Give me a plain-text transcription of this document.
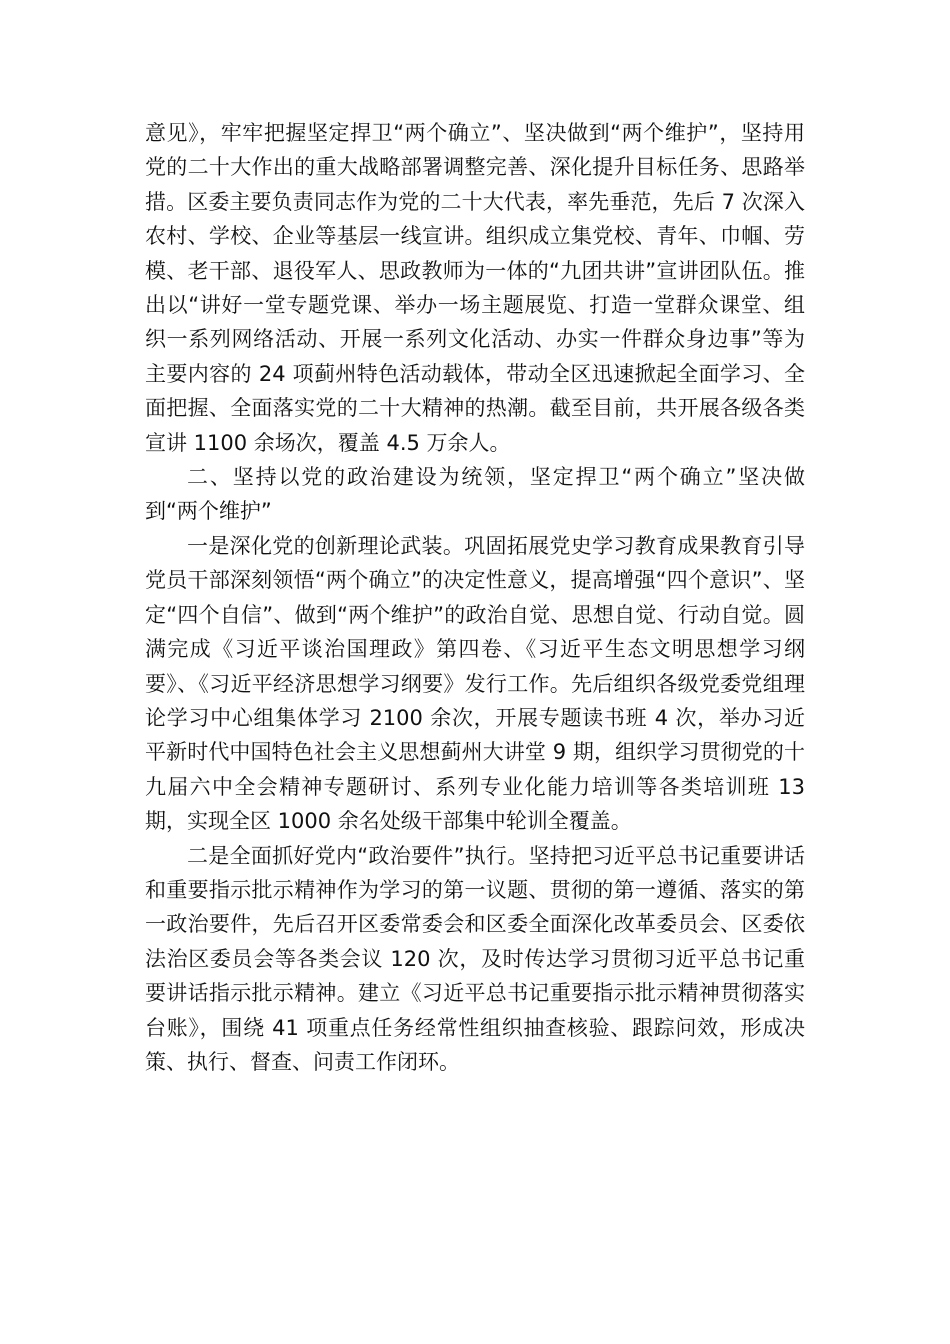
意见》，牢牢把握坚定捍卫“两个确立”、坚决做到“两个维护”，坚持用党的二十大作出的重大战略部署调整完善、深化提升目标任务、思路举措。区委主要负责同志作为党的二十大代表，率先垂范，先后 7 次深入农村、学校、企业等基层一线宣讲。组织成立集党校、青年、巾帼、劳模、老干部、退役军人、思政教师为一体的“九团共讲”宣讲团队伍。推出以“讲好一堂专题党课、举办一场主题展览、打造一堂群众课堂、组织一系列网络活动、开展一系列文化活动、办实一件群众身边事”等为主要内容的 24 项蓟州特色活动载体，带动全区迅速掀起全面学习、全面把握、全面落实党的二十大精神的热潮。截至目前，共开展各级各类宣讲 1100 余场次，覆盖 4.5 万余人。

二、坚持以党的政治建设为统领，坚定捍卫“两个确立”坚决做到“两个维护”

一是深化党的创新理论武装。巩固拓展党史学习教育成果教育引导党员干部深刻领悟“两个确立”的决定性意义，提高增强“四个意识”、坚定“四个自信”、做到“两个维护”的政治自觉、思想自觉、行动自觉。圆满完成《习近平谈治国理政》第四卷、《习近平生态文明思想学习纲要》、《习近平经济思想学习纲要》发行工作。先后组织各级党委党组理论学习中心组集体学习 2100 余次，开展专题读书班 4 次，举办习近平新时代中国特色社会主义思想蓟州大讲堂 9 期，组织学习贯彻党的十九届六中全会精神专题研讨、系列专业化能力培训等各类培训班 13 期，实现全区 1000 余名处级干部集中轮训全覆盖。

二是全面抓好党内“政治要件”执行。坚持把习近平总书记重要讲话和重要指示批示精神作为学习的第一议题、贯彻的第一遵循、落实的第一政治要件，先后召开区委常委会和区委全面深化改革委员会、区委依法治区委员会等各类会议 120 次，及时传达学习贯彻习近平总书记重要讲话指示批示精神。建立《习近平总书记重要指示批示精神贯彻落实台账》，围绕 41 项重点任务经常性组织抽查核验、跟踪问效，形成决策、执行、督查、问责工作闭环。
